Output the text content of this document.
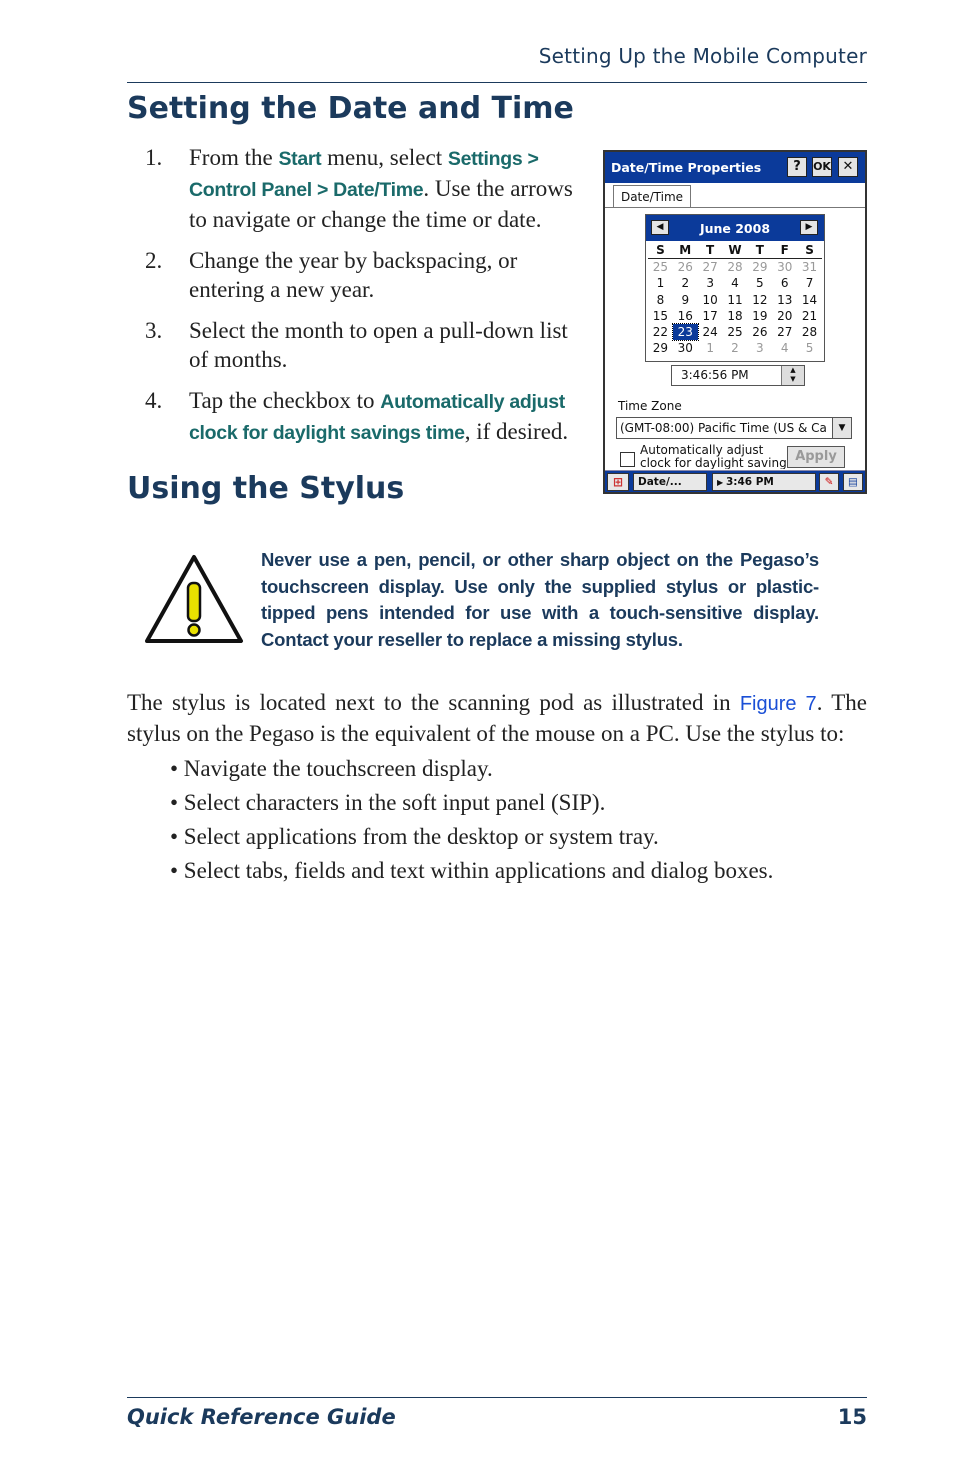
Setting Up the Mobile Computer
Setting the Date and Time
1.	From the Start menu, select Settings > Control Panel > Date/Time. Use the arrows to navigate or change the time or date.
2.	Change the year by backspacing, or entering a new year.
3.	Select the month to open a pull-down list of months.
4.	Tap the checkbox to Automatically adjust clock for daylight savings time, if desired.
Date/Time Properties	?	OK ✕
Date/Time
◀	June 2008	▶
S	M	T	W	T	F	S
25 26 27 28 29 30 31
1	2	3	4	5	6	7
8	9	10 11 12 13 14
15 16 17 18 19 20 21
22 23 24 25 26 27 28
29 30	1	2	3	4	5
3:46:56 PM	▲
▼
Time Zone
(GMT-08:00) Pacific Time (US & Ca	▼
Automatically adjust clock for daylight saving Apply
⊞	Date/...	▶ 3:46 PM	✎	▤
Using the Stylus
Never use a pen, pencil, or other sharp object on the Pegaso’s touchscreen display. Use only the supplied stylus or plastic-tipped pens intended for use with a touch-sensitive display. Contact your reseller to replace a missing stylus.
The stylus is located next to the scanning pod as illustrated in Figure 7. The stylus on the Pegaso is the equivalent of the mouse on a PC. Use the stylus to:
• Navigate the touchscreen display.
• Select characters in the soft input panel (SIP).
• Select applications from the desktop or system tray.
• Select tabs, fields and text within applications and dialog boxes.
Quick Reference Guide	15
